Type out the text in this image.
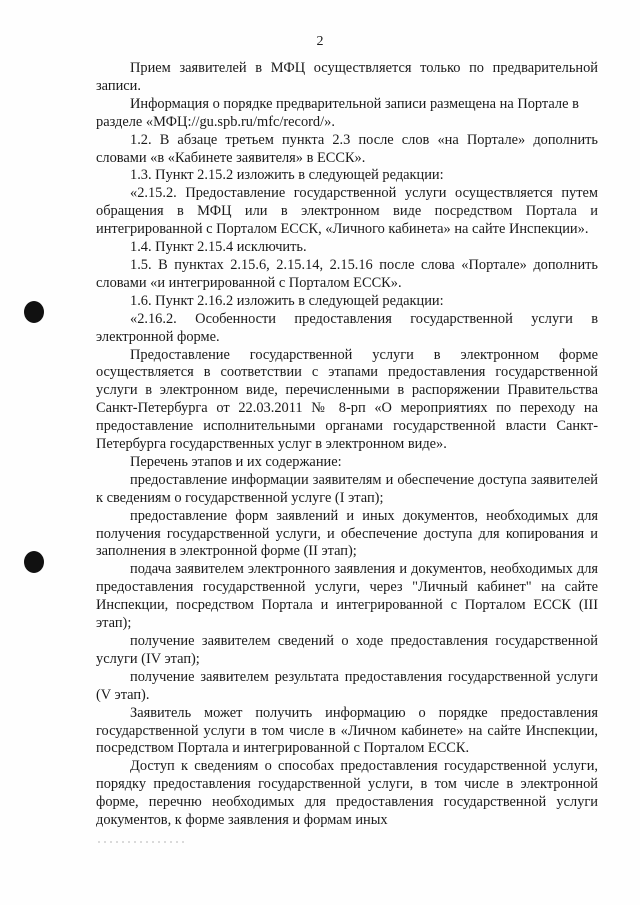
2

Прием заявителей в МФЦ осуществляется только по предварительной записи.

Информация о порядке предварительной записи размещена на Портале в разделе «МФЦ://gu.spb.ru/mfc/record/».

1.2. В абзаце третьем пункта 2.3 после слов «на Портале» дополнить словами «в «Кабинете заявителя» в ЕССК».

1.3. Пункт 2.15.2 изложить в следующей редакции:

«2.15.2. Предоставление государственной услуги осуществляется путем обращения в МФЦ или в электронном виде посредством Портала и интегрированной с Порталом ЕССК, «Личного кабинета» на сайте Инспекции».

1.4. Пункт 2.15.4 исключить.

1.5. В пунктах 2.15.6, 2.15.14, 2.15.16 после слова «Портале» дополнить словами «и интегрированной с Порталом ЕССК».

1.6. Пункт 2.16.2 изложить в следующей редакции:

«2.16.2. Особенности предоставления государственной услуги в электронной форме.

Предоставление государственной услуги в электронном форме осуществляется в соответствии с этапами предоставления государственной услуги в электронном виде, перечисленными в распоряжении Правительства Санкт-Петербурга от 22.03.2011 № 8-рп «О мероприятиях по переходу на предоставление исполнительными органами государственной власти Санкт-Петербурга государственных услуг в электронном виде».

Перечень этапов и их содержание:

предоставление информации заявителям и обеспечение доступа заявителей к сведениям о государственной услуге (I этап);

предоставление форм заявлений и иных документов, необходимых для получения государственной услуги, и обеспечение доступа для копирования и заполнения в электронной форме (II этап);

подача заявителем электронного заявления и документов, необходимых для предоставления государственной услуги, через "Личный кабинет" на сайте Инспекции, посредством Портала и интегрированной с Порталом ЕССК (III этап);

получение заявителем сведений о ходе предоставления государственной услуги (IV этап);

получение заявителем результата предоставления государственной услуги (V этап).

Заявитель может получить информацию о порядке предоставления государственной услуги в том числе в «Личном кабинете» на сайте Инспекции, посредством Портала и интегрированной с Порталом ЕССК.

Доступ к сведениям о способах предоставления государственной услуги, порядку предоставления государственной услуги, в том числе в электронной форме, перечню необходимых для предоставления государственной услуги документов, к форме заявления и формам иных
